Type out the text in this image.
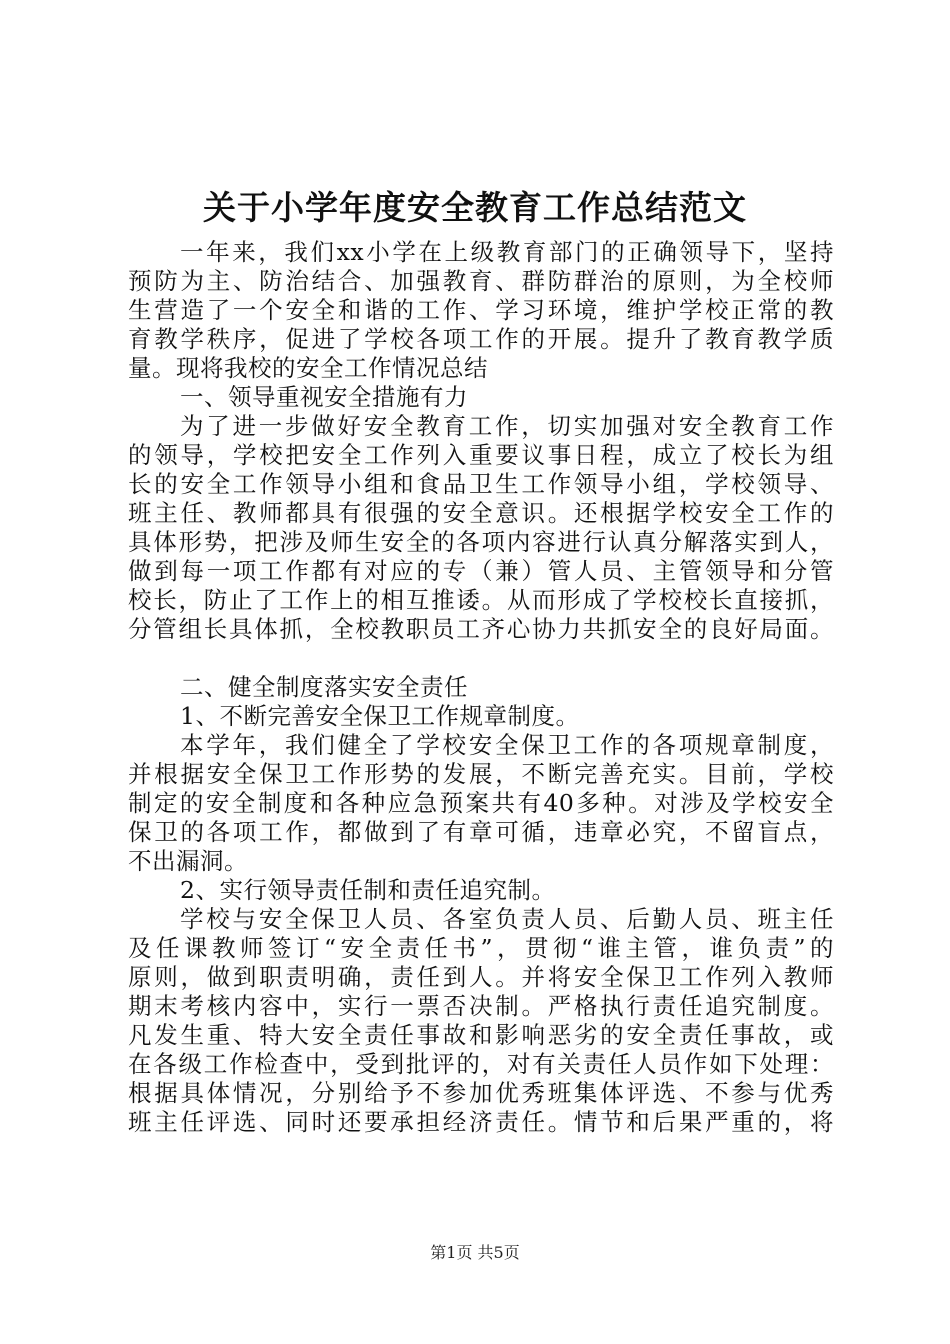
关于小学年度安全教育工作总结范文
一年来，我们xx小学在上级教育部门的正确领导下，坚持
预防为主、防治结合、加强教育、群防群治的原则，为全校师
生营造了一个安全和谐的工作、学习环境，维护学校正常的教
育教学秩序，促进了学校各项工作的开展。提升了教育教学质
量。现将我校的安全工作情况总结
一、领导重视安全措施有力
为了进一步做好安全教育工作，切实加强对安全教育工作
的领导，学校把安全工作列入重要议事日程，成立了校长为组
长的安全工作领导小组和食品卫生工作领导小组，学校领导、
班主任、教师都具有很强的安全意识。还根据学校安全工作的
具体形势，把涉及师生安全的各项内容进行认真分解落实到人，
做到每一项工作都有对应的专（兼）管人员、主管领导和分管
校长，防止了工作上的相互推诿。从而形成了学校校长直接抓，
分管组长具体抓，全校教职员工齐心协力共抓安全的良好局面。
二、健全制度落实安全责任
1、不断完善安全保卫工作规章制度。
本学年，我们健全了学校安全保卫工作的各项规章制度，
并根据安全保卫工作形势的发展，不断完善充实。目前，学校
制定的安全制度和各种应急预案共有40多种。对涉及学校安全
保卫的各项工作，都做到了有章可循，违章必究，不留盲点，
不出漏洞。
2、实行领导责任制和责任追究制。
学校与安全保卫人员、各室负责人员、后勤人员、班主任
及任课教师签订“安全责任书”，贯彻“谁主管，谁负责”的
原则，做到职责明确，责任到人。并将安全保卫工作列入教师
期末考核内容中，实行一票否决制。严格执行责任追究制度。
凡发生重、特大安全责任事故和影响恶劣的安全责任事故，或
在各级工作检查中，受到批评的，对有关责任人员作如下处理：
根据具体情况，分别给予不参加优秀班集体评选、不参与优秀
班主任评选、同时还要承担经济责任。情节和后果严重的，将
第1页 共5页
